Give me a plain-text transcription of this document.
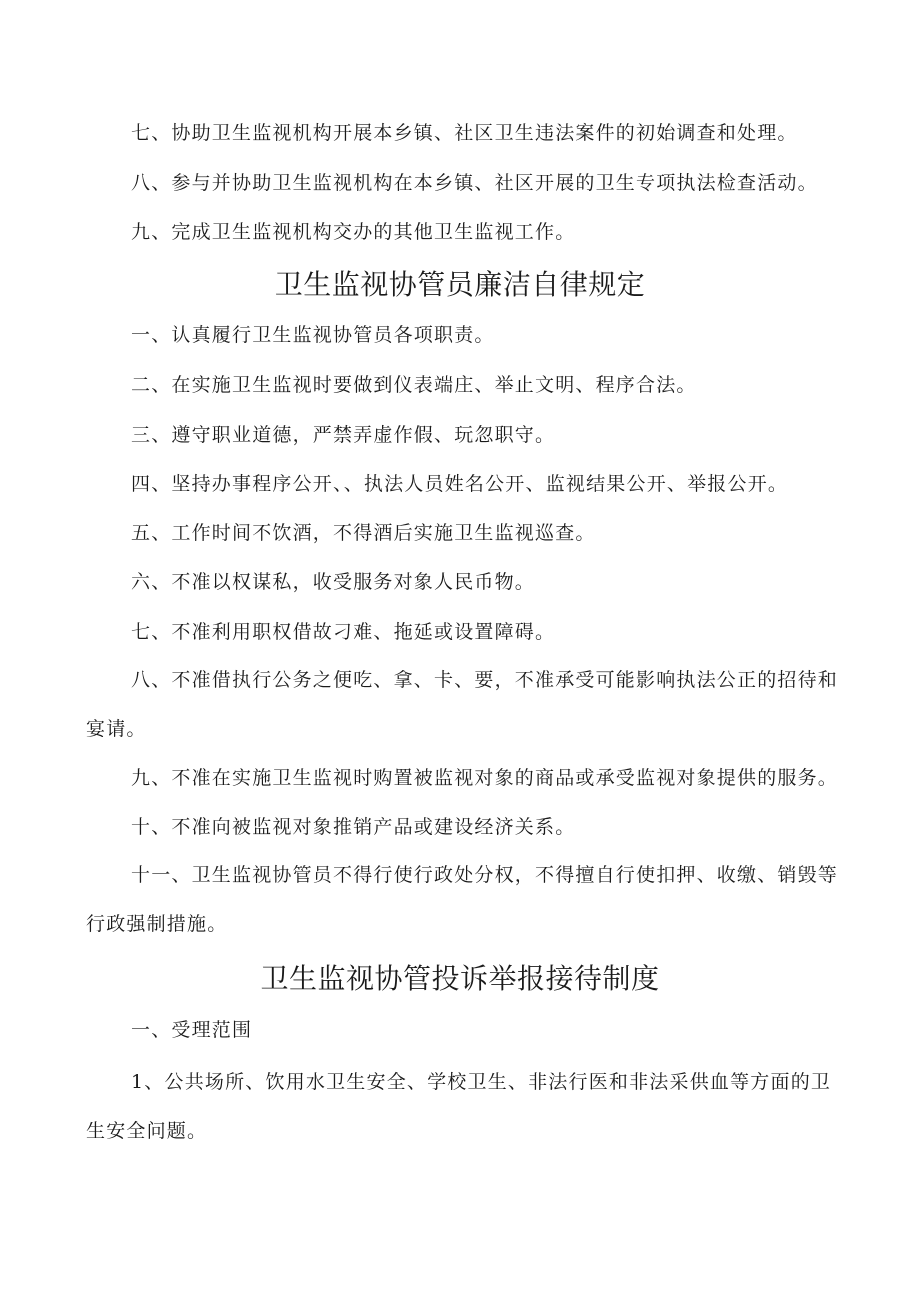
七、协助卫生监视机构开展本乡镇、社区卫生违法案件的初始调查和处理。
八、参与并协助卫生监视机构在本乡镇、社区开展的卫生专项执法检查活动。
九、完成卫生监视机构交办的其他卫生监视工作。
卫生监视协管员廉洁自律规定
一、认真履行卫生监视协管员各项职责。
二、在实施卫生监视时要做到仪表端庄、举止文明、程序合法。
三、遵守职业道德，严禁弄虚作假、玩忽职守。
四、坚持办事程序公开、、执法人员姓名公开、监视结果公开、举报公开。
五、工作时间不饮酒，不得酒后实施卫生监视巡查。
六、不准以权谋私，收受服务对象人民币物。
七、不准利用职权借故刁难、拖延或设置障碍。
八、不准借执行公务之便吃、拿、卡、要，不准承受可能影响执法公正的招待和
宴请。
九、不准在实施卫生监视时购置被监视对象的商品或承受监视对象提供的服务。
十、不准向被监视对象推销产品或建设经济关系。
十一、卫生监视协管员不得行使行政处分权，不得擅自行使扣押、收缴、销毁等
行政强制措施。
卫生监视协管投诉举报接待制度
一、受理范围
1、公共场所、饮用水卫生安全、学校卫生、非法行医和非法采供血等方面的卫
生安全问题。
